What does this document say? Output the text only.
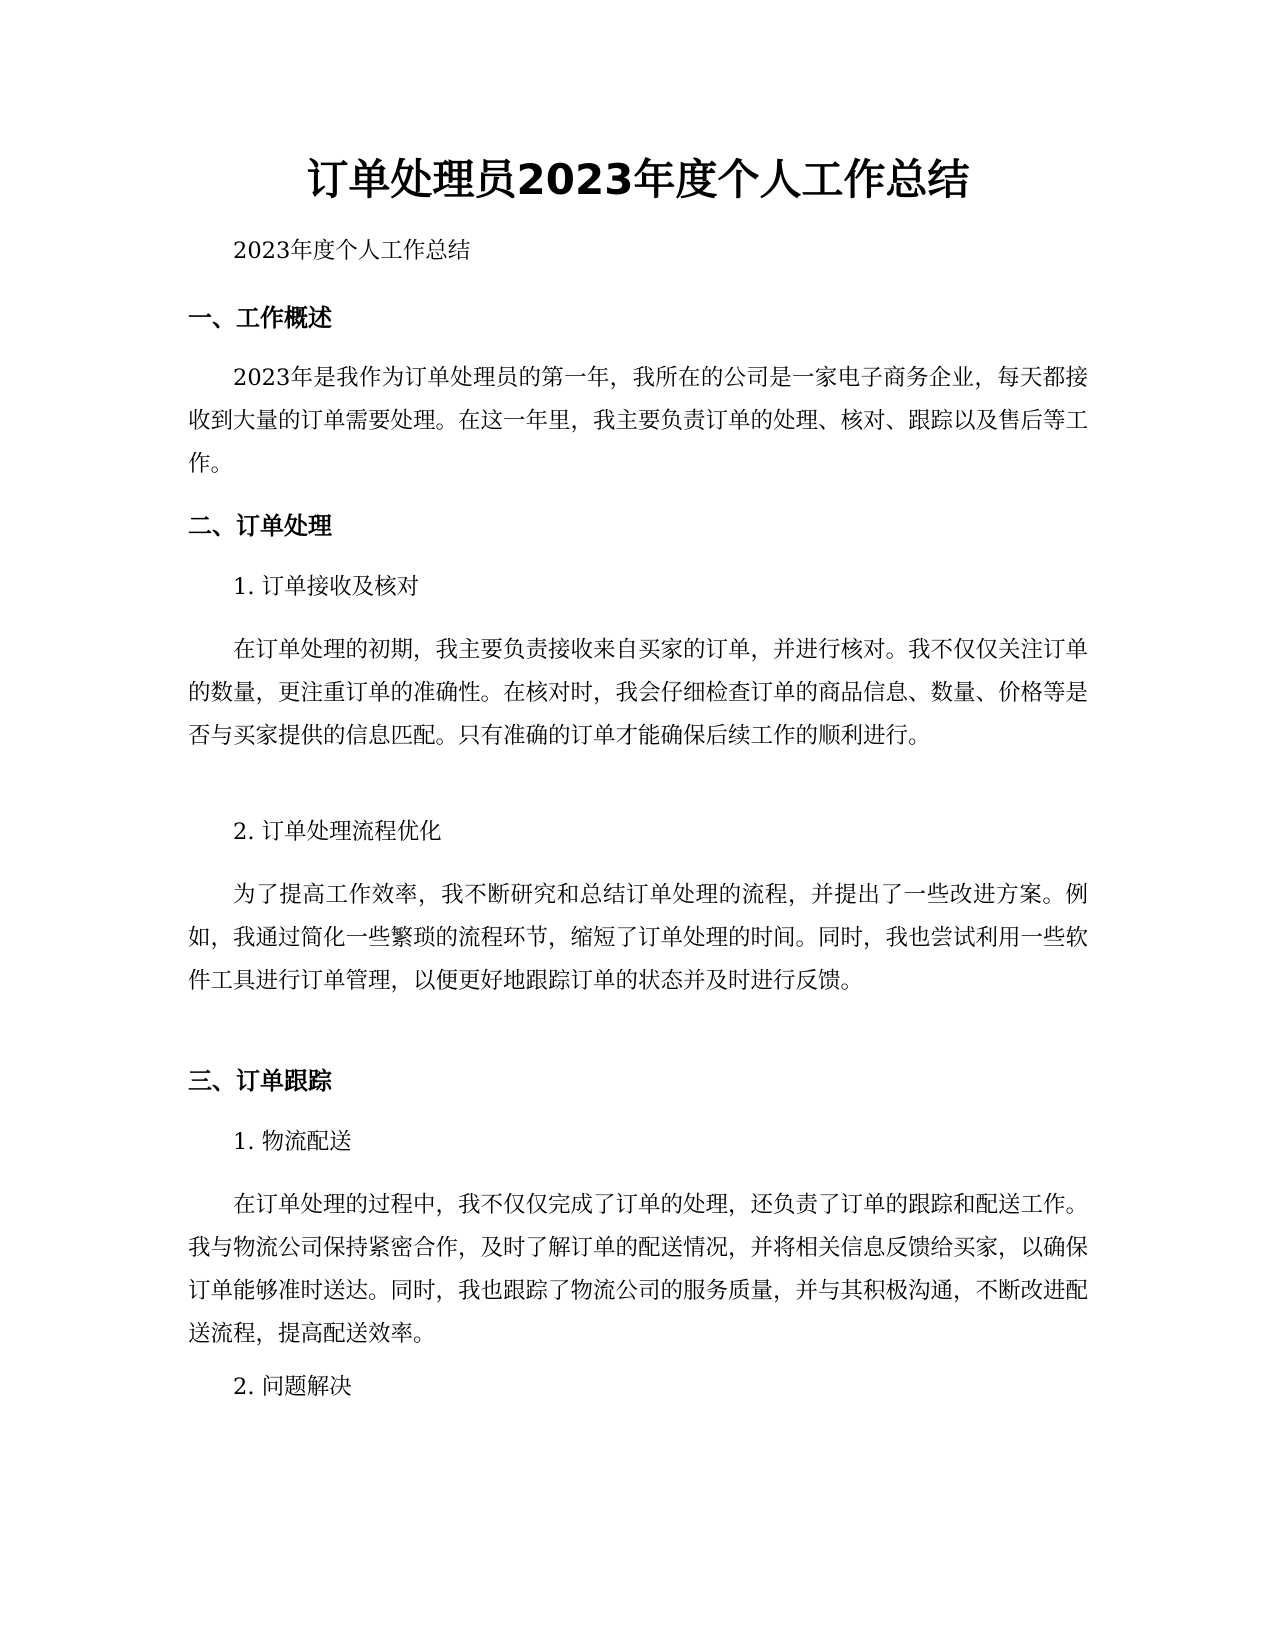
订单处理员2023年度个人工作总结

2023年度个人工作总结

一、工作概述

2023年是我作为订单处理员的第一年，我所在的公司是一家电子商务企业，每天都接收到大量的订单需要处理。在这一年里，我主要负责订单的处理、核对、跟踪以及售后等工作。

二、订单处理

1. 订单接收及核对

在订单处理的初期，我主要负责接收来自买家的订单，并进行核对。我不仅仅关注订单的数量，更注重订单的准确性。在核对时，我会仔细检查订单的商品信息、数量、价格等是否与买家提供的信息匹配。只有准确的订单才能确保后续工作的顺利进行。

2. 订单处理流程优化

为了提高工作效率，我不断研究和总结订单处理的流程，并提出了一些改进方案。例如，我通过简化一些繁琐的流程环节，缩短了订单处理的时间。同时，我也尝试利用一些软件工具进行订单管理，以便更好地跟踪订单的状态并及时进行反馈。

三、订单跟踪

1. 物流配送

在订单处理的过程中，我不仅仅完成了订单的处理，还负责了订单的跟踪和配送工作。我与物流公司保持紧密合作，及时了解订单的配送情况，并将相关信息反馈给买家，以确保订单能够准时送达。同时，我也跟踪了物流公司的服务质量，并与其积极沟通，不断改进配送流程，提高配送效率。

2. 问题解决
